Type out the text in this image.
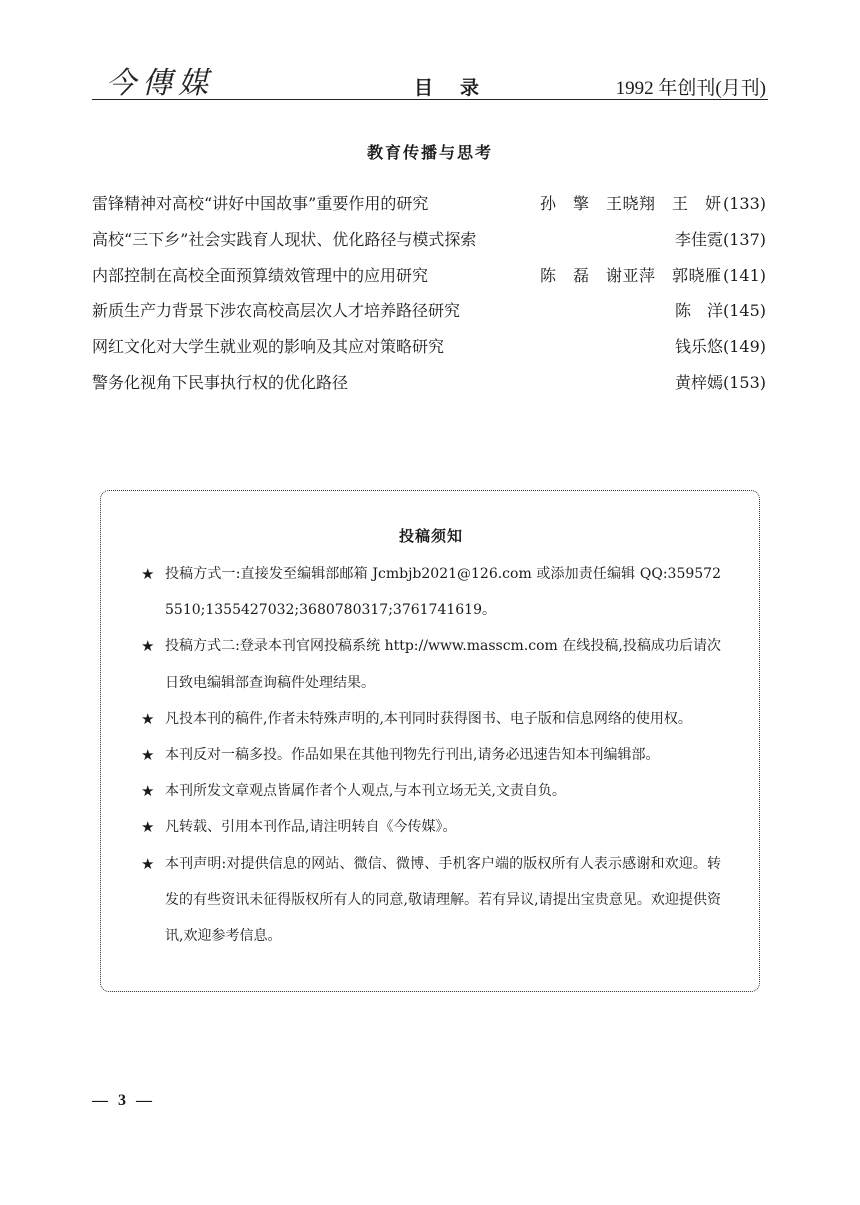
今傳媒	目　录	1992 年创刊(月刊)
教育传播与思考
雷锋精神对高校“讲好中国故事”重要作用的研究	孙　擎　王晓翔　王　妍 (133)
高校“三下乡”社会实践育人现状、优化路径与模式探索	李佳霓(137)
内部控制在高校全面预算绩效管理中的应用研究	陈　磊　谢亚萍　郭晓雁 (141)
新质生产力背景下涉农高校高层次人才培养路径研究	陈　洋(145)
网红文化对大学生就业观的影响及其应对策略研究	钱乐悠(149)
警务化视角下民事执行权的优化路径	黄梓嫣(153)
投稿须知
★ 投稿方式一:直接发至编辑部邮箱 Jcmbjb2021@126.com 或添加责任编辑 QQ:3595725510;1355427032;3680780317;3761741619。
★ 投稿方式二:登录本刊官网投稿系统 http://www.masscm.com 在线投稿,投稿成功后请次日致电编辑部查询稿件处理结果。
★ 凡投本刊的稿件,作者未特殊声明的,本刊同时获得图书、电子版和信息网络的使用权。
★ 本刊反对一稿多投。作品如果在其他刊物先行刊出,请务必迅速告知本刊编辑部。
★ 本刊所发文章观点皆属作者个人观点,与本刊立场无关,文责自负。
★ 凡转载、引用本刊作品,请注明转自《今传媒》。
★ 本刊声明:对提供信息的网站、微信、微博、手机客户端的版权所有人表示感谢和欢迎。转发的有些资讯未征得版权所有人的同意,敬请理解。若有异议,请提出宝贵意见。欢迎提供资讯,欢迎参考信息。
— 3 —
